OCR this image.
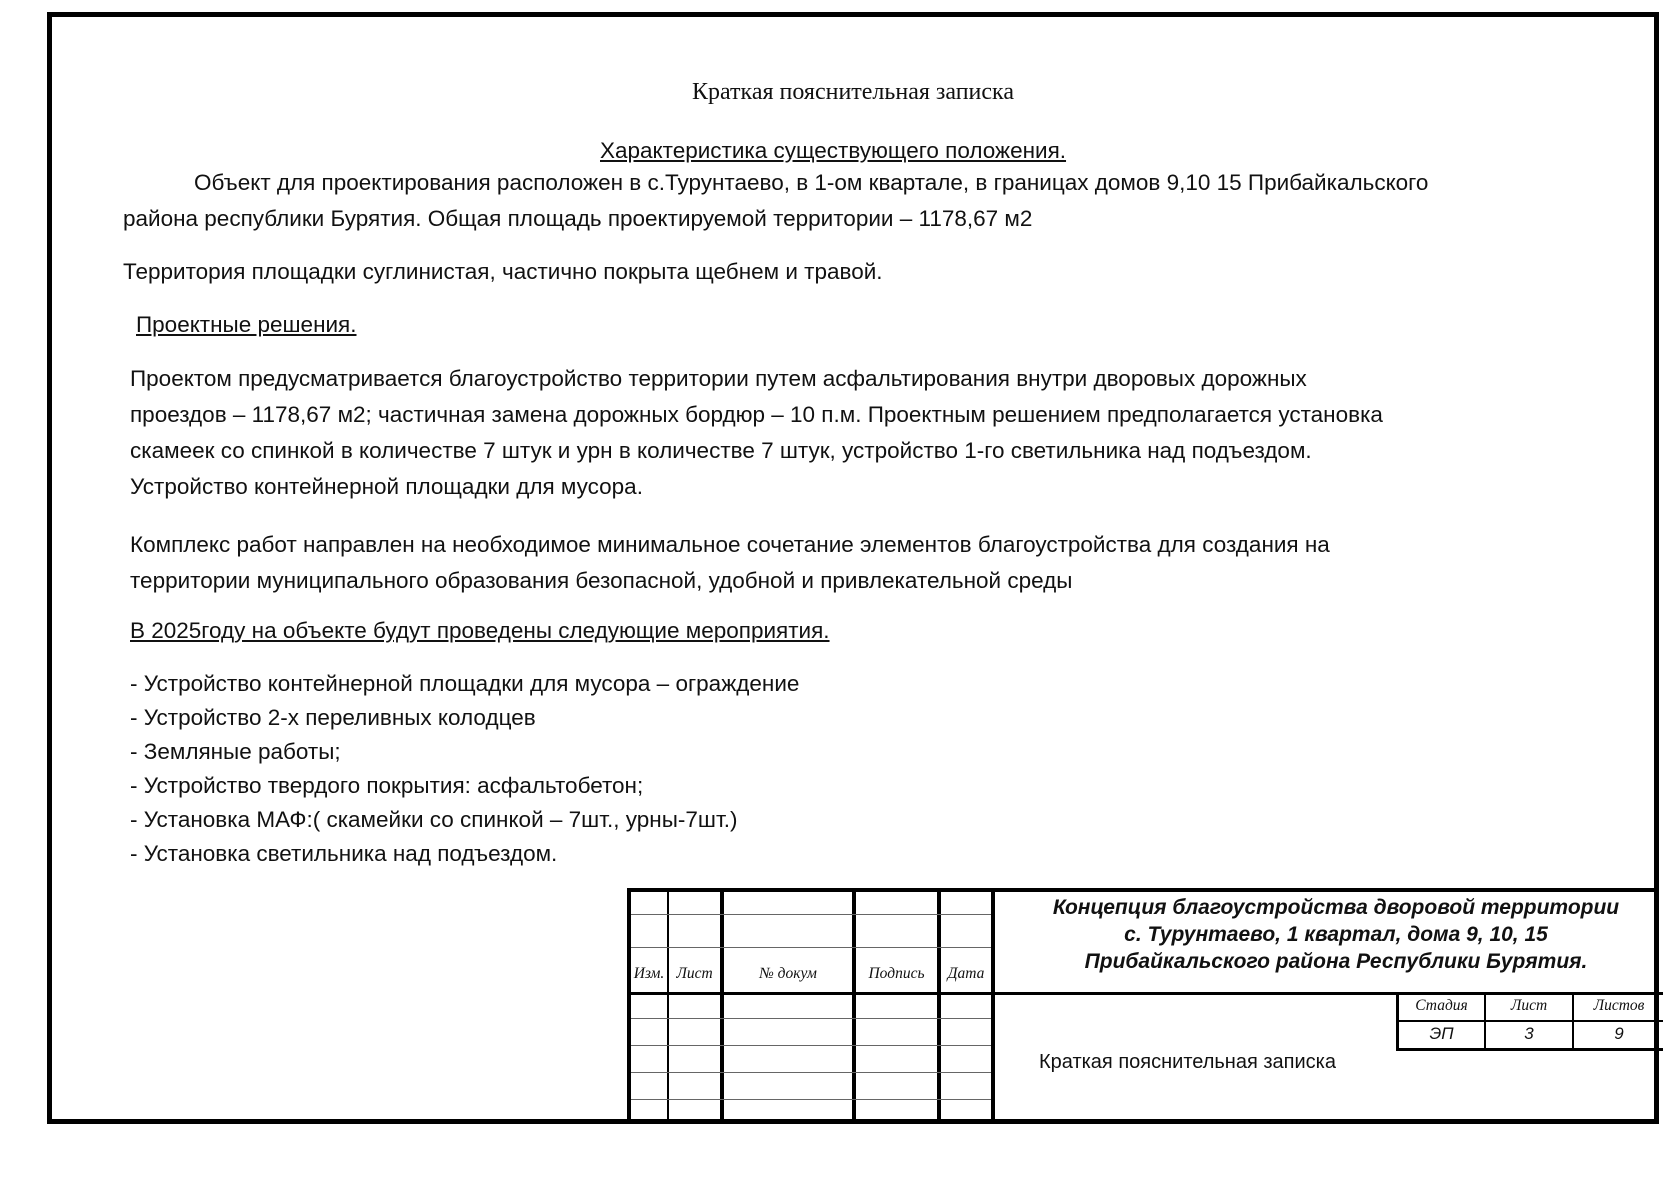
Краткая пояснительная записка
Характеристика существующего положения.
Объект для проектирования расположен в с.Турунтаево, в 1-ом квартале, в границах домов 9,10 15 Прибайкальского
района республики Бурятия. Общая площадь проектируемой территории – 1178,67 м2
Территория площадки суглинистая, частично покрыта щебнем и травой.
Проектные решения.
Проектом предусматривается благоустройство территории путем асфальтирования внутри дворовых дорожных
проездов – 1178,67 м2; частичная замена дорожных бордюр – 10 п.м. Проектным решением предполагается установка
скамеек со спинкой в количестве 7 штук и урн в количестве 7 штук, устройство 1-го светильника над подъездом.
Устройство контейнерной площадки для мусора.
Комплекс работ направлен на необходимое минимальное сочетание элементов благоустройства для создания на
территории муниципального образования безопасной, удобной и привлекательной среды
В 2025году на объекте будут проведены следующие мероприятия.
- Устройство контейнерной площадки для мусора – ограждение
- Устройство 2-х переливных колодцев
- Земляные работы;
- Устройство твердого покрытия: асфальтобетон;
- Установка МАФ:( скамейки со спинкой – 7шт., урны-7шт.)
- Установка светильника над подъездом.
Изм. Лист	№ докум	Подпись	Дата
Концепция благоустройства дворовой территории
с. Турунтаево, 1 квартал, дома 9, 10, 15
Прибайкальского района Республики Бурятия.
Стадия	Лист	Листов
ЭП	3	9
Краткая пояснительная записка
